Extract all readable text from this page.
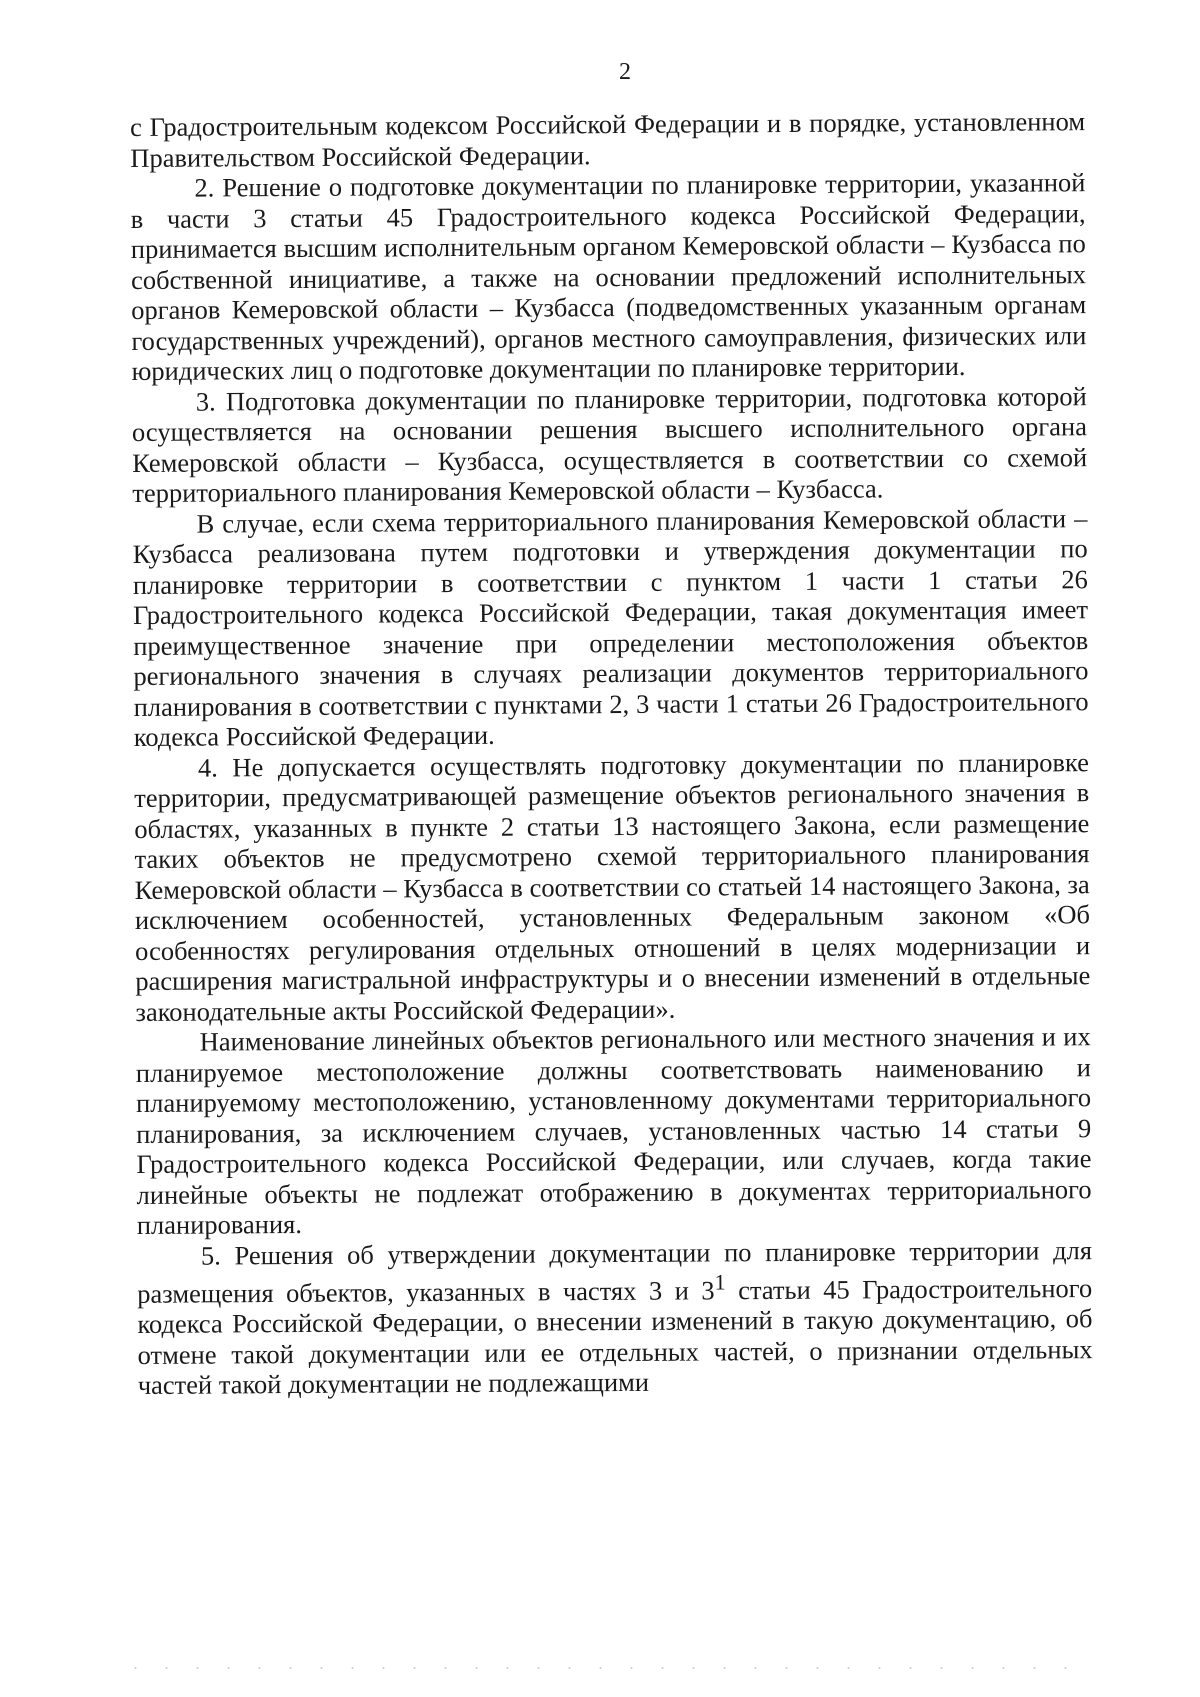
2

с Градостроительным кодексом Российской Федерации и в порядке, установленном Правительством Российской Федерации.

2. Решение о подготовке документации по планировке территории, указанной в части 3 статьи 45 Градостроительного кодекса Российской Федерации, принимается высшим исполнительным органом Кемеровской области – Кузбасса по собственной инициативе, а также на основании предложений исполнительных органов Кемеровской области – Кузбасса (подведомственных указанным органам государственных учреждений), органов местного самоуправления, физических или юридических лиц о подготовке документации по планировке территории.

3. Подготовка документации по планировке территории, подготовка которой осуществляется на основании решения высшего исполнительного органа Кемеровской области – Кузбасса, осуществляется в соответствии со схемой территориального планирования Кемеровской области – Кузбасса.

В случае, если схема территориального планирования Кемеровской области – Кузбасса реализована путем подготовки и утверждения документации по планировке территории в соответствии с пунктом 1 части 1 статьи 26 Градостроительного кодекса Российской Федерации, такая документация имеет преимущественное значение при определении местоположения объектов регионального значения в случаях реализации документов территориального планирования в соответствии с пунктами 2, 3 части 1 статьи 26 Градостроительного кодекса Российской Федерации.

4. Не допускается осуществлять подготовку документации по планировке территории, предусматривающей размещение объектов регионального значения в областях, указанных в пункте 2 статьи 13 настоящего Закона, если размещение таких объектов не предусмотрено схемой территориального планирования Кемеровской области – Кузбасса в соответствии со статьей 14 настоящего Закона, за исключением особенностей, установленных Федеральным законом «Об особенностях регулирования отдельных отношений в целях модернизации и расширения магистральной инфраструктуры и о внесении изменений в отдельные законодательные акты Российской Федерации».

Наименование линейных объектов регионального или местного значения и их планируемое местоположение должны соответствовать наименованию и планируемому местоположению, установленному документами территориального планирования, за исключением случаев, установленных частью 14 статьи 9 Градостроительного кодекса Российской Федерации, или случаев, когда такие линейные объекты не подлежат отображению в документах территориального планирования.

5. Решения об утверждении документации по планировке территории для размещения объектов, указанных в частях 3 и $3^1$ статьи 45 Градостроительного кодекса Российской Федерации, о внесении изменений в такую документацию, об отмене такой документации или ее отдельных частей, о признании отдельных частей такой документации не подлежащими
